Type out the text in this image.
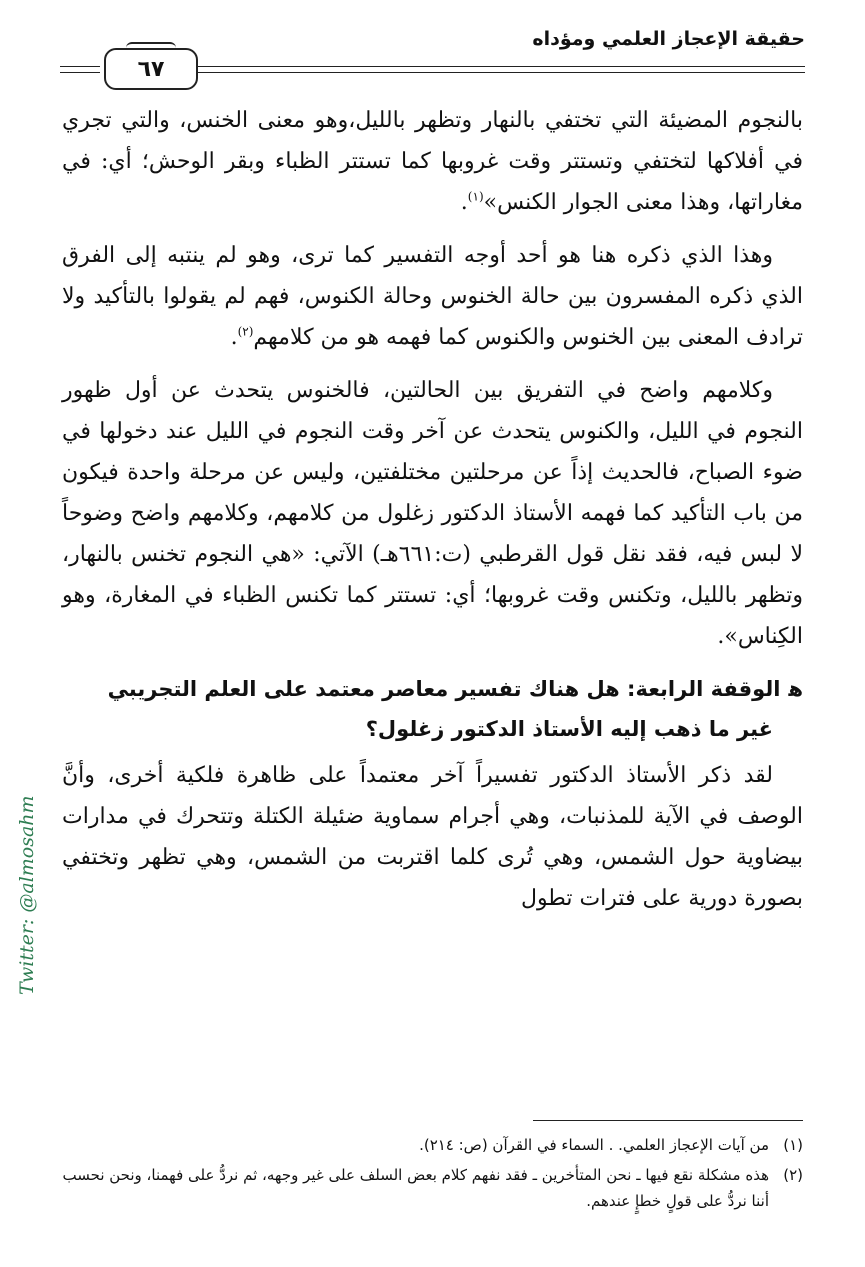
حقيقة الإعجاز العلمي ومؤداه
٦٧

بالنجوم المضيئة التي تختفي بالنهار وتظهر بالليل،وهو معنى الخنس، والتي تجري في أفلاكها لتختفي وتستتر وقت غروبها كما تستتر الظباء وبقر الوحش؛ أي: في مغاراتها، وهذا معنى الجوار الكنس»$^{(١)}$.

وهذا الذي ذكره هنا هو أحد أوجه التفسير كما ترى، وهو لم ينتبه إلى الفرق الذي ذكره المفسرون بين حالة الخنوس وحالة الكنوس، فهم لم يقولوا بالتأكيد ولا ترادف المعنى بين الخنوس والكنوس كما فهمه هو من كلامهم$^{(٢)}$.

وكلامهم واضح في التفريق بين الحالتين، فالخنوس يتحدث عن أول ظهور النجوم في الليل، والكنوس يتحدث عن آخر وقت النجوم في الليل عند دخولها في ضوء الصباح، فالحديث إذاً عن مرحلتين مختلفتين، وليس عن مرحلة واحدة فيكون من باب التأكيد كما فهمه الأستاذ الدكتور زغلول من كلامهم، وكلامهم واضح وضوحاً لا لبس فيه، فقد نقل قول القرطبي (ت:٦٦١هـ) الآتي: «هي النجوم تخنس بالنهار، وتظهر بالليل، وتكنس وقت غروبها؛ أي: تستتر كما تكنس الظباء في المغارة، وهو الكِناس».

ﻫالوقفة الرابعة: هل هناك تفسير معاصر معتمد على العلم التجريبي
غير ما ذهب إليه الأستاذ الدكتور زغلول؟

لقد ذكر الأستاذ الدكتور تفسيراً آخر معتمداً على ظاهرة فلكية أخرى، وأنَّ الوصف في الآية للمذنبات، وهي أجرام سماوية ضئيلة الكتلة وتتحرك في مدارات بيضاوية حول الشمس، وهي تُرى كلما اقتربت من الشمس، وهي تظهر وتختفي بصورة دورية على فترات تطول

(١)من آيات الإعجاز العلمي. . السماء في القرآن (ص: ٢١٤).

(٢)هذه مشكلة نقع فيها ـ نحن المتأخرين ـ فقد نفهم كلام بعض السلف على غير وجهه، ثم نردُّ على فهمنا، ونحن نحسب أننا نردُّ على قولٍ خطإٍ عندهم.

Twitter: @almosahm
